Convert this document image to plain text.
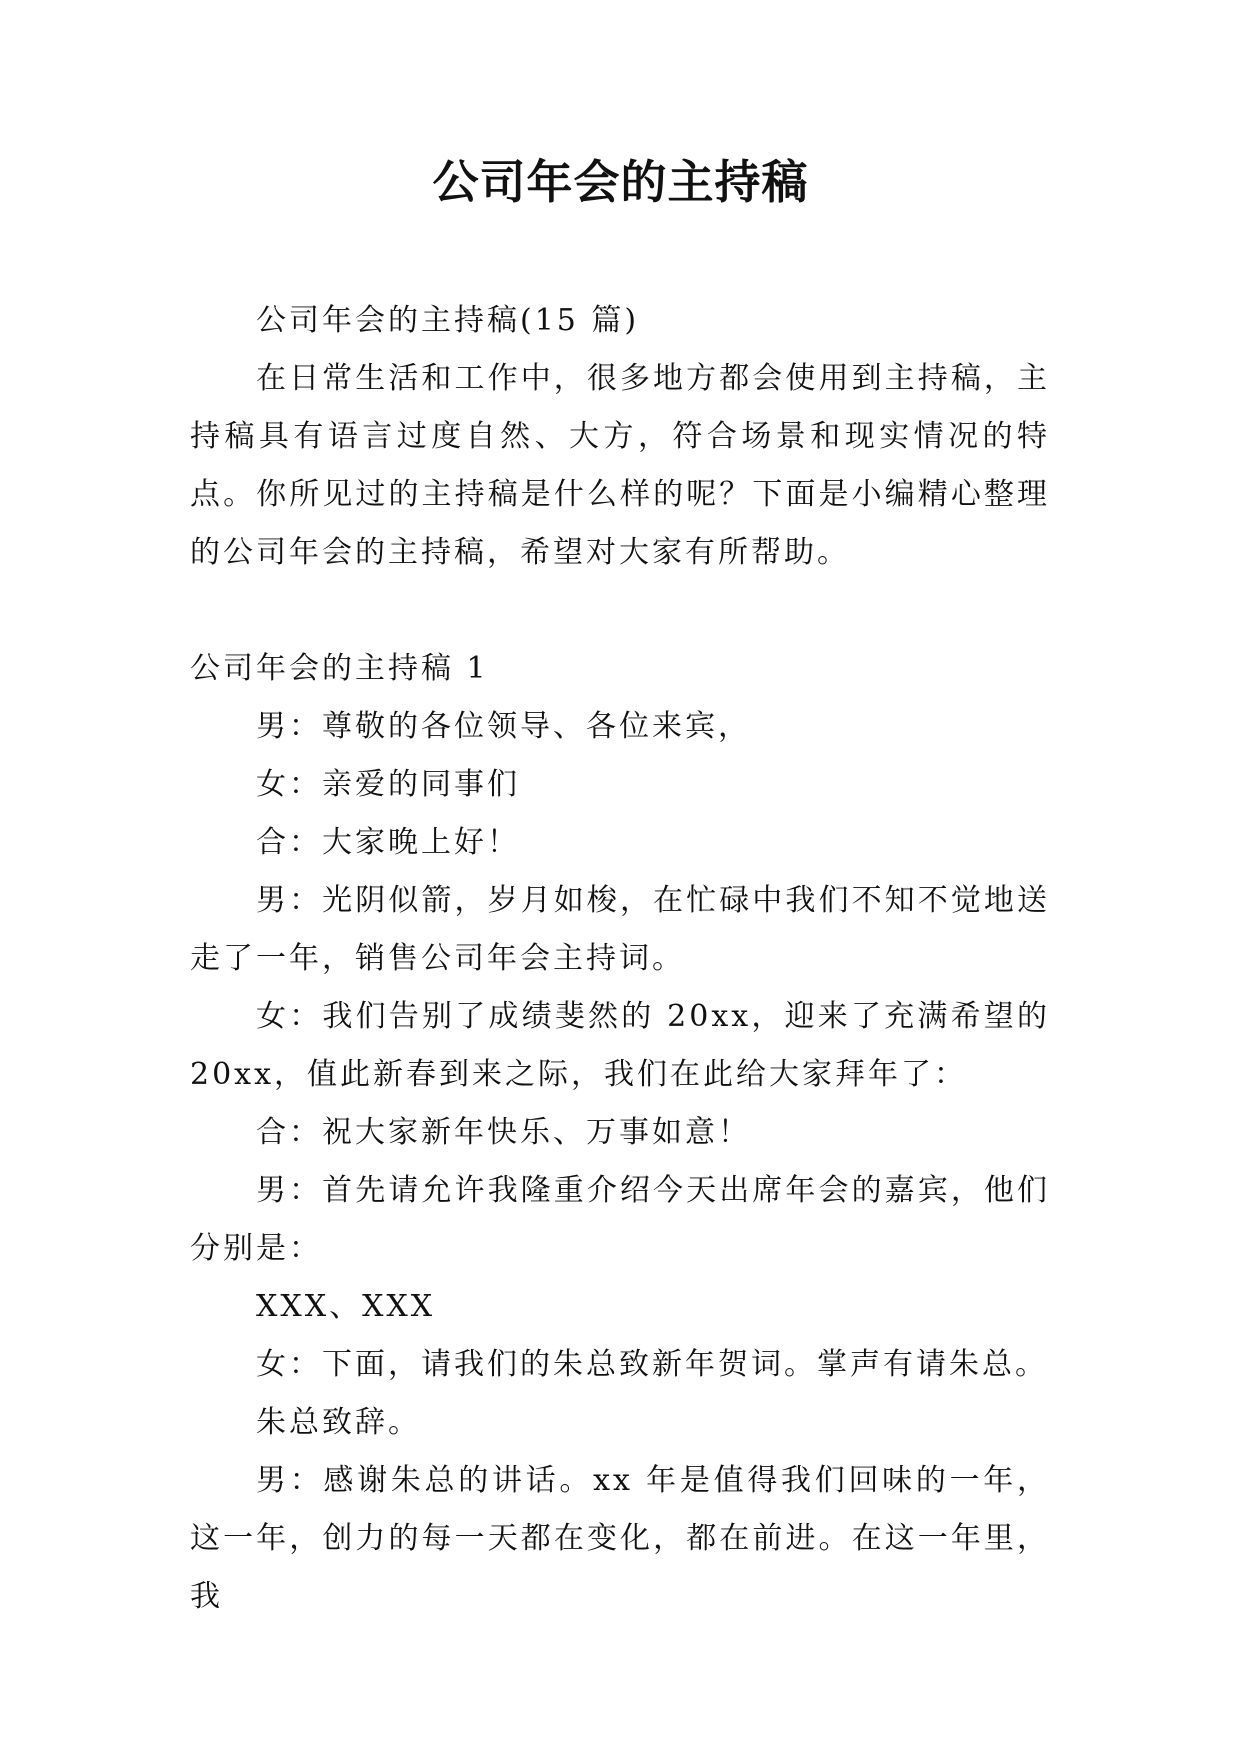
公司年会的主持稿

公司年会的主持稿(15 篇)

在日常生活和工作中，很多地方都会使用到主持稿，主持稿具有语言过度自然、大方，符合场景和现实情况的特点。你所见过的主持稿是什么样的呢？下面是小编精心整理的公司年会的主持稿，希望对大家有所帮助。

公司年会的主持稿 1

男：尊敬的各位领导、各位来宾，

女：亲爱的同事们

合：大家晚上好！

男：光阴似箭，岁月如梭，在忙碌中我们不知不觉地送走了一年，销售公司年会主持词。

女：我们告别了成绩斐然的 20xx，迎来了充满希望的 20xx，值此新春到来之际，我们在此给大家拜年了：

合：祝大家新年快乐、万事如意！

男：首先请允许我隆重介绍今天出席年会的嘉宾，他们分别是：

XXX、XXX

女：下面，请我们的朱总致新年贺词。掌声有请朱总。

朱总致辞。

男：感谢朱总的讲话。xx 年是值得我们回味的一年，这一年，创力的每一天都在变化，都在前进。在这一年里，我
